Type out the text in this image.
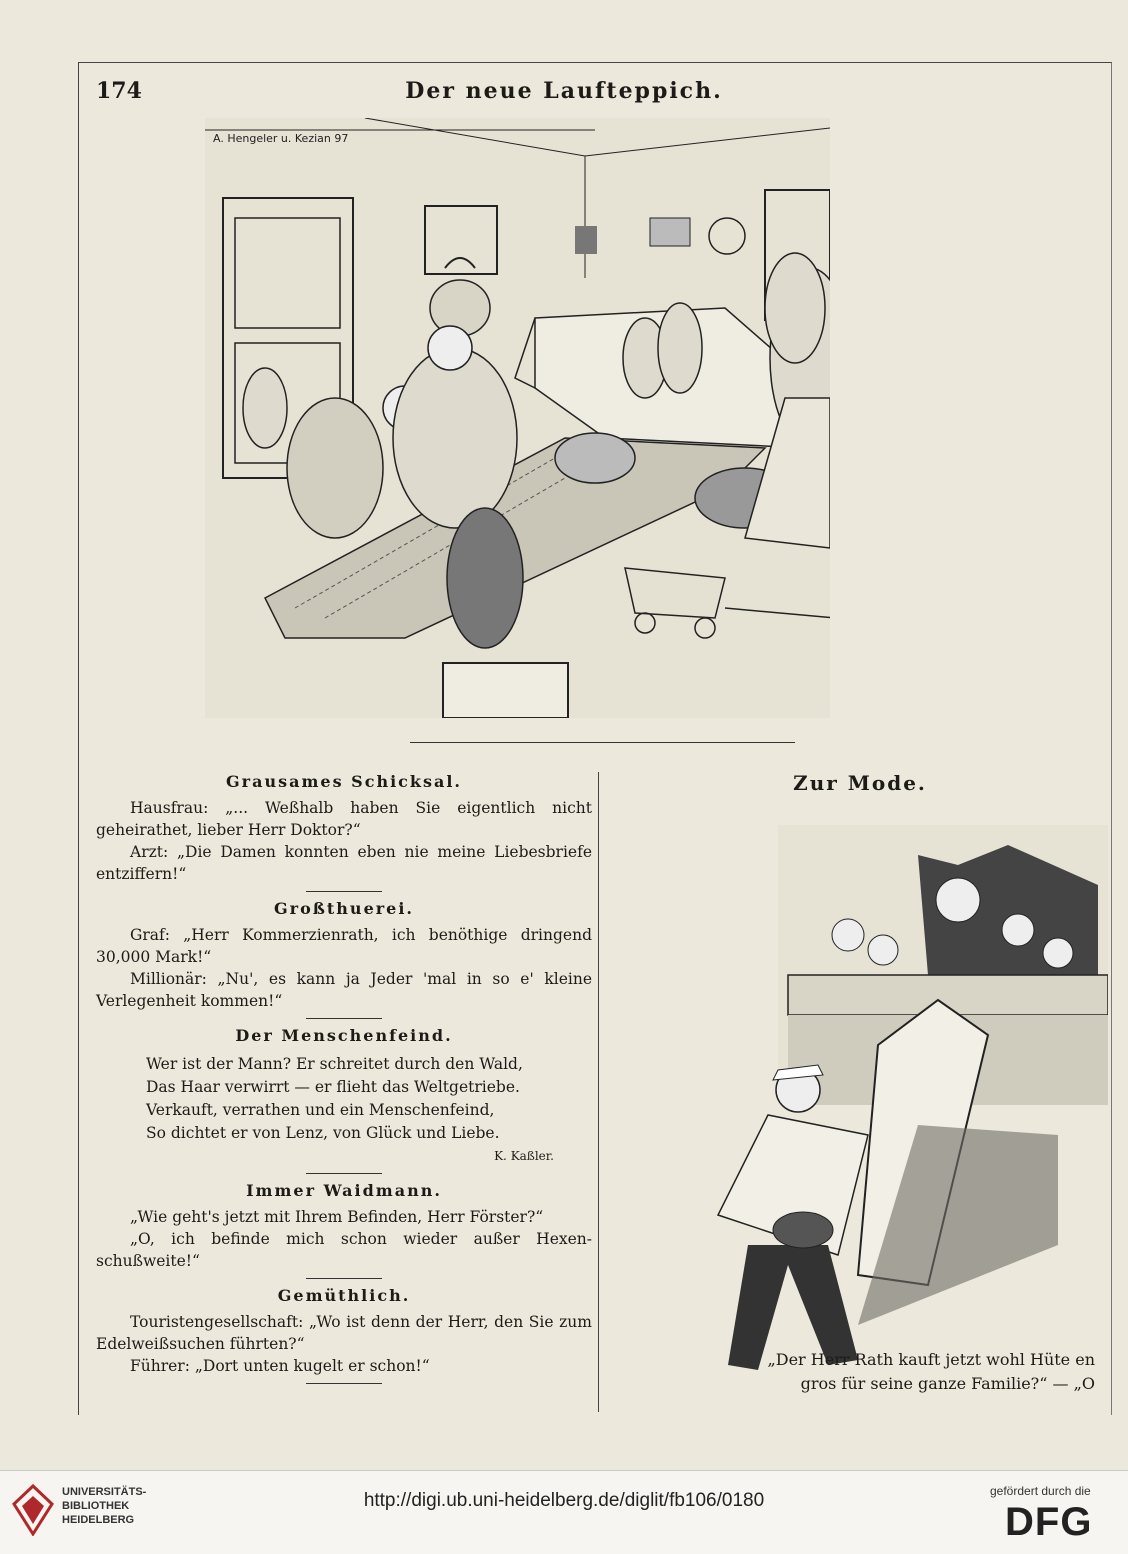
174	Der neue Laufteppich.
A. Hengeler u. Kezian 97
Grausames Schicksal.

Hausfrau: „... Weßhalb haben Sie eigentlich nicht geheirathet, lieber Herr Doktor?“

Arzt: „Die Damen konnten eben nie meine Liebesbriefe entziffern!“

Großthuerei.

Graf: „Herr Kommerzienrath, ich benöthige dringend 30,000 Mark!“

Millionär: „Nu', es kann ja Jeder 'mal in so e' kleine Verlegenheit kommen!“

Der Menschenfeind.
Wer ist der Mann? Er schreitet durch den Wald,
Das Haar verwirrt — er flieht das Weltgetriebe.
Verkauft, verrathen und ein Menschenfeind,
So dichtet er von Lenz, von Glück und Liebe.
K. Kaßler.
Immer Waidmann.

„Wie geht's jetzt mit Ihrem Befinden, Herr Förster?“

„O, ich befinde mich schon wieder außer Hexen-schußweite!“

Gemüthlich.

Touristengesellschaft: „Wo ist denn der Herr, den Sie zum Edelweißsuchen führten?“

Führer: „Dort unten kugelt er schon!“

Zur Mode.
„Der Herr Rath kauft jetzt wohl Hüte en gros für seine ganze Familie?“ — „O
UNIVERSITÄTS-
BIBLIOTHEK
HEIDELBERG
http://digi.ub.uni-heidelberg.de/diglit/fb106/0180	gefördert durch die
DFG
